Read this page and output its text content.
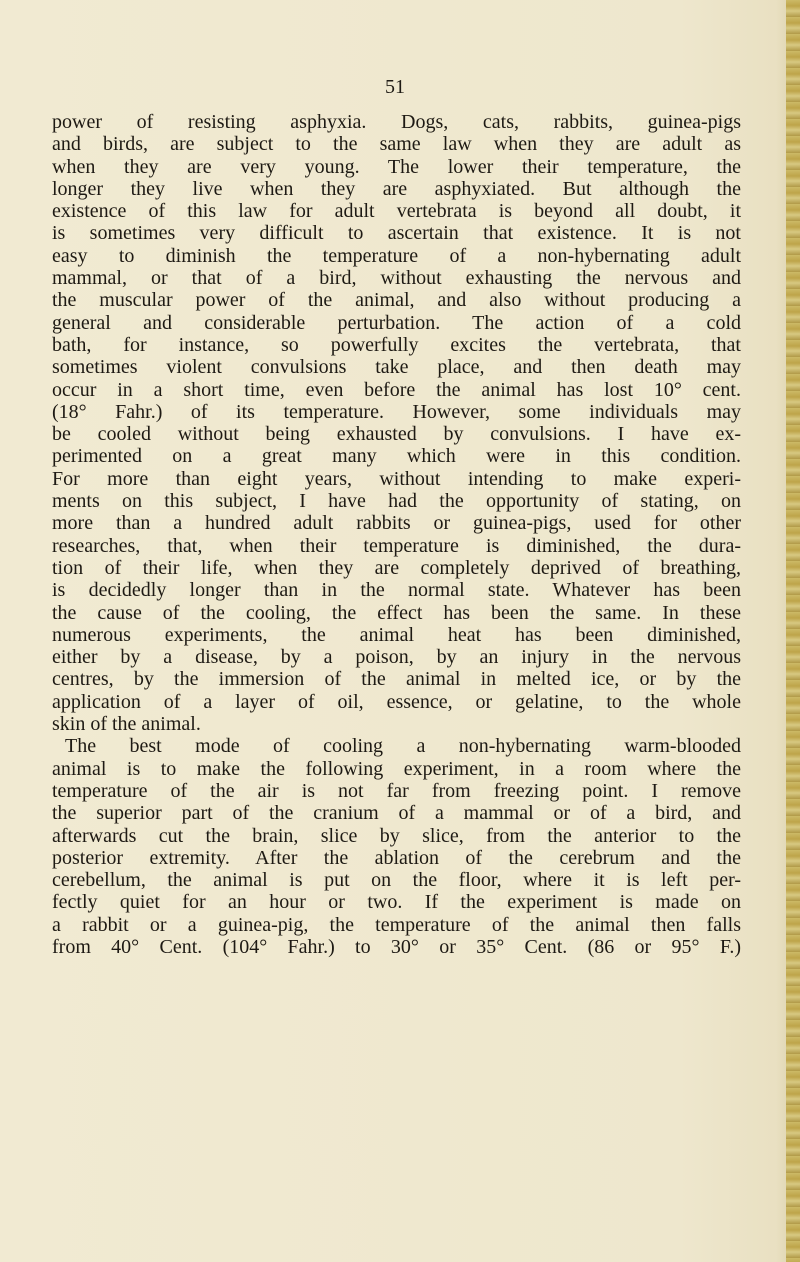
51
power of resisting asphyxia. Dogs, cats, rabbits, guinea-pigs
and birds, are subject to the same law when they are adult as
when they are very young. The lower their temperature, the
longer they live when they are asphyxiated. But although the
existence of this law for adult vertebrata is beyond all doubt, it
is sometimes very difficult to ascertain that existence. It is not
easy to diminish the temperature of a non-hybernating adult
mammal, or that of a bird, without exhausting the nervous and
the muscular power of the animal, and also without producing a
general and considerable perturbation. The action of a cold
bath, for instance, so powerfully excites the vertebrata, that
sometimes violent convulsions take place, and then death may
occur in a short time, even before the animal has lost 10° cent.
(18° Fahr.) of its temperature. However, some individuals may
be cooled without being exhausted by convulsions. I have ex-
perimented on a great many which were in this condition.
For more than eight years, without intending to make experi-
ments on this subject, I have had the opportunity of stating, on
more than a hundred adult rabbits or guinea-pigs, used for other
researches, that, when their temperature is diminished, the dura-
tion of their life, when they are completely deprived of breathing,
is decidedly longer than in the normal state. Whatever has been
the cause of the cooling, the effect has been the same. In these
numerous experiments, the animal heat has been diminished,
either by a disease, by a poison, by an injury in the nervous
centres, by the immersion of the animal in melted ice, or by the
application of a layer of oil, essence, or gelatine, to the whole
skin of the animal.
The best mode of cooling a non-hybernating warm-blooded
animal is to make the following experiment, in a room where the
temperature of the air is not far from freezing point. I remove
the superior part of the cranium of a mammal or of a bird, and
afterwards cut the brain, slice by slice, from the anterior to the
posterior extremity. After the ablation of the cerebrum and the
cerebellum, the animal is put on the floor, where it is left per-
fectly quiet for an hour or two. If the experiment is made on
a rabbit or a guinea-pig, the temperature of the animal then falls
from 40° Cent. (104° Fahr.) to 30° or 35° Cent. (86 or 95° F.)
